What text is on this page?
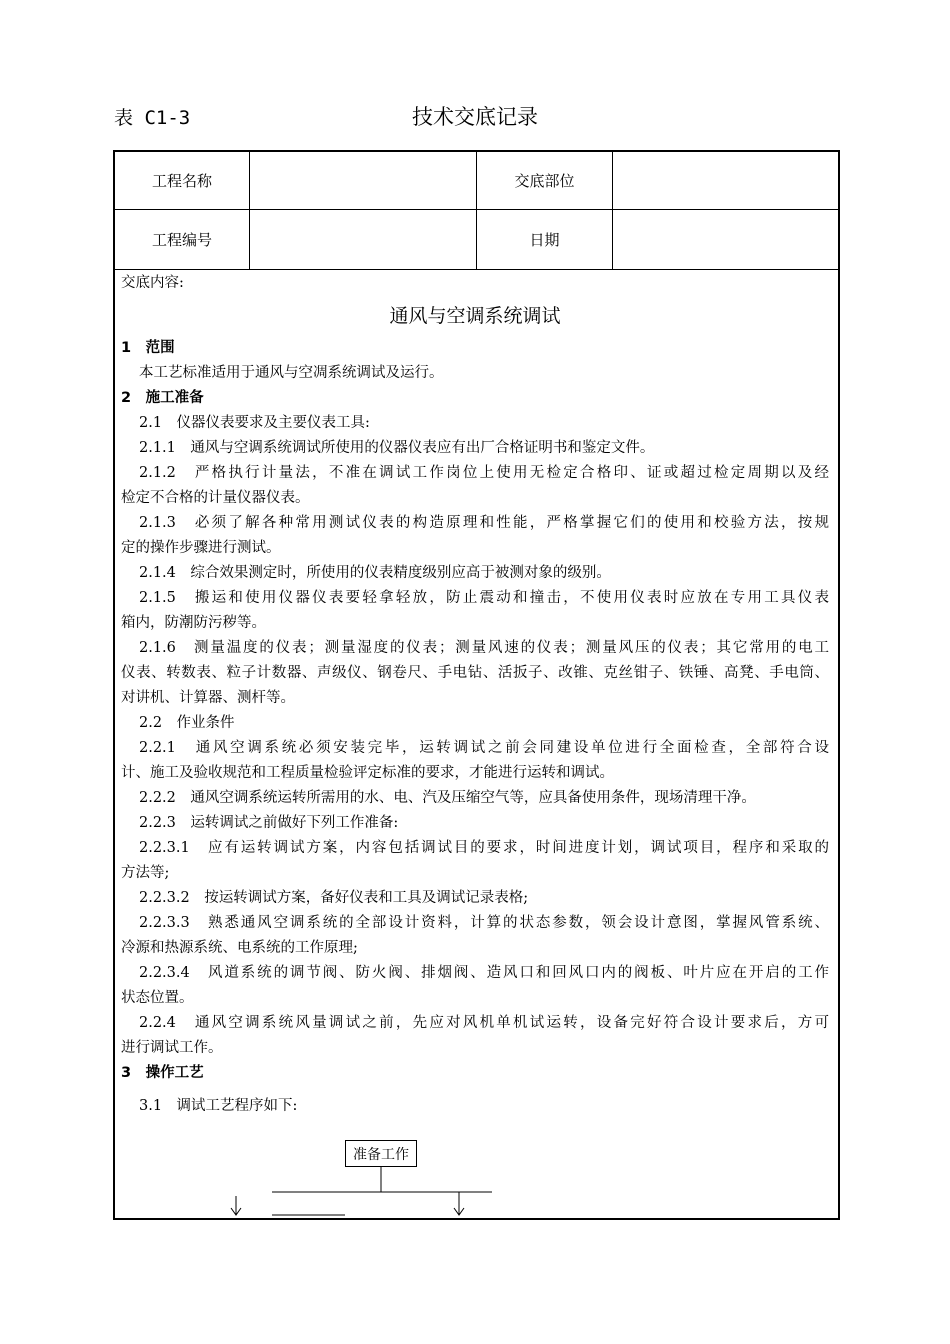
表 C1-3	技术交底记录
工程名称	交底部位
工程编号	日期
交底内容:
通风与空调系统调试
1　范围
本工艺标准适用于通风与空凋系统调试及运行。
2　施工准备
2.1　仪器仪表要求及主要仪表工具:
2.1.1　通风与空调系统调试所使用的仪器仪表应有出厂合格证明书和鉴定文件。
2.1.2　严格执行计量法，不准在调试工作岗位上使用无检定合格印、证或超过检定周期以及经
检定不合格的计量仪器仪表。
2.1.3　必须了解各种常用测试仪表的构造原理和性能，严格掌握它们的使用和校验方法，按规
定的操作步骤进行测试。
2.1.4　综合效果测定时，所使用的仪表精度级别应高于被测对象的级别。
2.1.5　搬运和使用仪器仪表要轻拿轻放，防止震动和撞击，不使用仪表时应放在专用工具仪表
箱内，防潮防污秽等。
2.1.6　测量温度的仪表；测量湿度的仪表；测量风速的仪表；测量风压的仪表；其它常用的电工
仪表、转数表、粒子计数器、声级仪、钢卷尺、手电钻、活扳子、改锥、克丝钳子、铁锤、高凳、手电筒、
对讲机、计算器、测杆等。
2.2　作业条件
2.2.1　通风空调系统必须安装完毕，运转调试之前会同建设单位进行全面检查，全部符合设
计、施工及验收规范和工程质量检验评定标准的要求，才能进行运转和调试。
2.2.2　通风空调系统运转所需用的水、电、汽及压缩空气等，应具备使用条件，现场清理干净。
2.2.3　运转调试之前做好下列工作准备:
2.2.3.1　应有运转调试方案，内容包括调试目的要求，时间进度计划，调试项目，程序和采取的
方法等;
2.2.3.2　按运转调试方案，备好仪表和工具及调试记录表格;
2.2.3.3　熟悉通风空调系统的全部设计资料，计算的状态参数，领会设计意图，掌握风管系统、
冷源和热源系统、电系统的工作原理;
2.2.3.4　风道系统的调节阀、防火阀、排烟阀、造风口和回风口内的阀板、叶片应在开启的工作
状态位置。
2.2.4　通风空调系统风量调试之前，先应对风机单机试运转，设备完好符合设计要求后，方可
进行调试工作。
3　操作工艺
3.1　调试工艺程序如下:
准备工作
